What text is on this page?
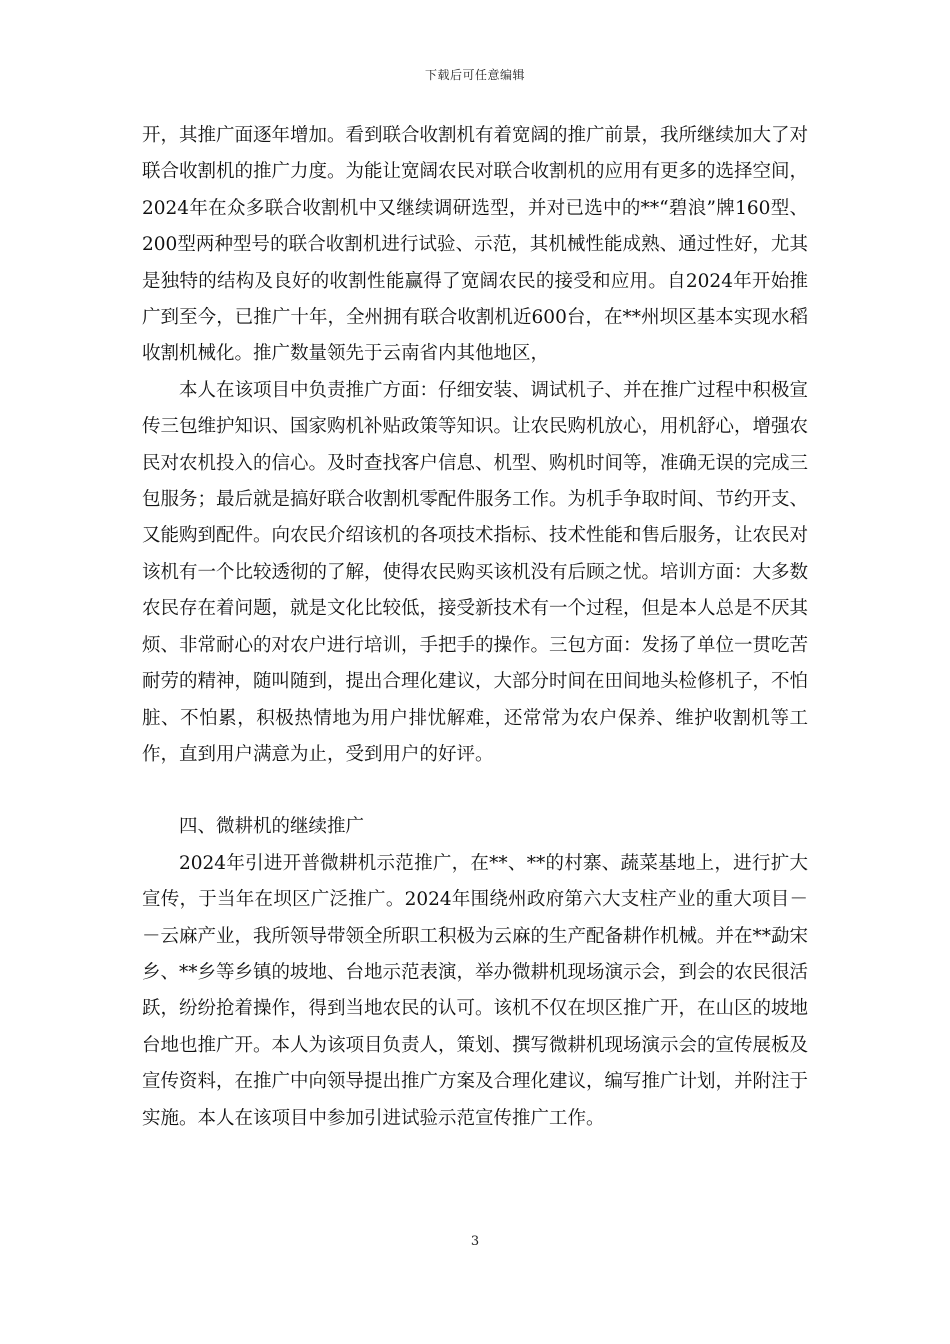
下载后可任意编辑

开，其推广面逐年增加。看到联合收割机有着宽阔的推广前景，我所继续加大了对联合收割机的推广力度。为能让宽阔农民对联合收割机的应用有更多的选择空间，2024年在众多联合收割机中又继续调研选型，并对已选中的**“碧浪”牌160型、200型两种型号的联合收割机进行试验、示范，其机械性能成熟、通过性好，尤其是独特的结构及良好的收割性能赢得了宽阔农民的接受和应用。自2024年开始推广到至今，已推广十年，全州拥有联合收割机近600台，在**州坝区基本实现水稻收割机械化。推广数量领先于云南省内其他地区，

本人在该项目中负责推广方面：仔细安装、调试机子、并在推广过程中积极宣传三包维护知识、国家购机补贴政策等知识。让农民购机放心，用机舒心，增强农民对农机投入的信心。及时查找客户信息、机型、购机时间等，准确无误的完成三包服务；最后就是搞好联合收割机零配件服务工作。为机手争取时间、节约开支、又能购到配件。向农民介绍该机的各项技术指标、技术性能和售后服务，让农民对该机有一个比较透彻的了解，使得农民购买该机没有后顾之忧。培训方面：大多数农民存在着问题，就是文化比较低，接受新技术有一个过程，但是本人总是不厌其烦、非常耐心的对农户进行培训，手把手的操作。三包方面：发扬了单位一贯吃苦耐劳的精神，随叫随到，提出合理化建议，大部分时间在田间地头检修机子，不怕脏、不怕累，积极热情地为用户排忧解难，还常常为农户保养、维护收割机等工作，直到用户满意为止，受到用户的好评。

四、微耕机的继续推广

2024年引进开普微耕机示范推广，在**、**的村寨、蔬菜基地上，进行扩大宣传，于当年在坝区广泛推广。2024年围绕州政府第六大支柱产业的重大项目－－云麻产业，我所领导带领全所职工积极为云麻的生产配备耕作机械。并在**勐宋乡、**乡等乡镇的坡地、台地示范表演，举办微耕机现场演示会，到会的农民很活跃，纷纷抢着操作，得到当地农民的认可。该机不仅在坝区推广开，在山区的坡地台地也推广开。本人为该项目负责人，策划、撰写微耕机现场演示会的宣传展板及宣传资料，在推广中向领导提出推广方案及合理化建议，编写推广计划，并附注于实施。本人在该项目中参加引进试验示范宣传推广工作。

3
